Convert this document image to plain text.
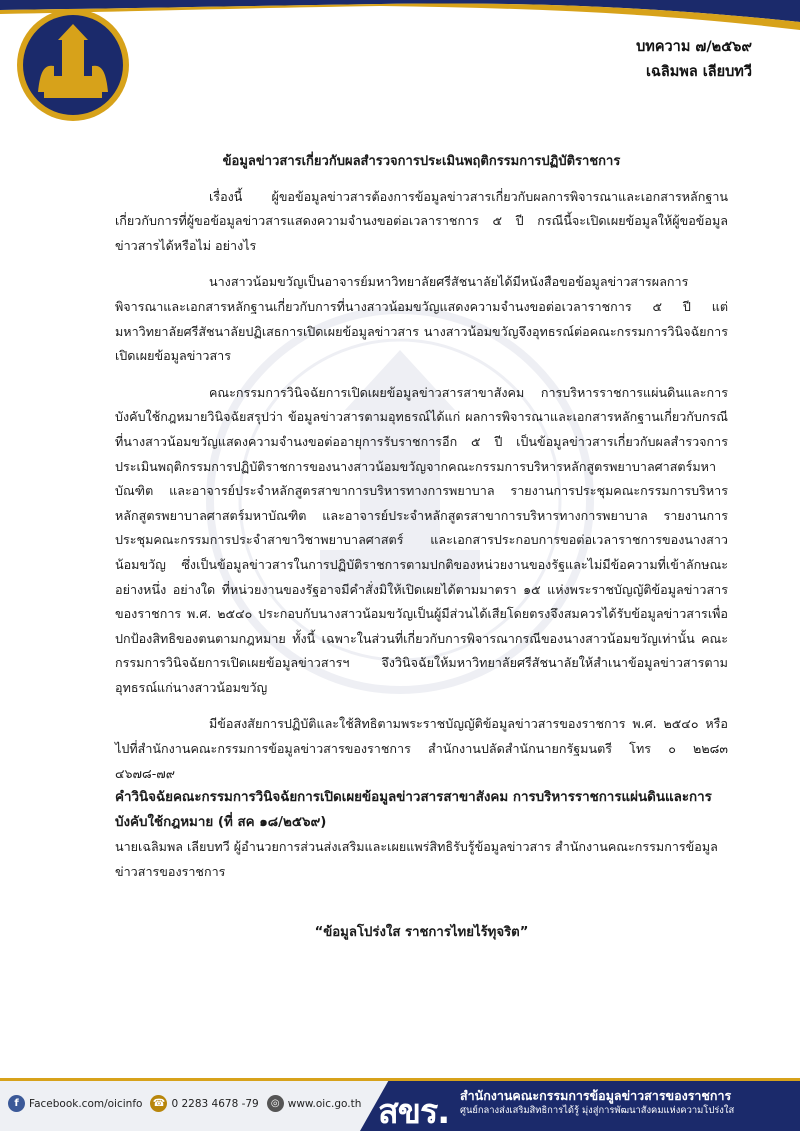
บทความ ๗/๒๕๖๙
เฉลิมพล เลียบทวี

ข้อมูลข่าวสารเกี่ยวกับผลสำรวจการประเมินพฤติกรรมการปฏิบัติราชการ

เรื่องนี้ ผู้ขอข้อมูลข่าวสารต้องการข้อมูลข่าวสารเกี่ยวกับผลการพิจารณาและเอกสารหลักฐานเกี่ยวกับการที่ผู้ขอข้อมูลข่าวสารแสดงความจำนงขอต่อเวลาราชการ ๕ ปี กรณีนี้จะเปิดเผยข้อมูลให้ผู้ขอข้อมูลข่าวสารได้หรือไม่ อย่างไร

นางสาวน้อมขวัญเป็นอาจารย์มหาวิทยาลัยศรีสัชนาลัยได้มีหนังสือขอข้อมูลข่าวสารผลการพิจารณาและเอกสารหลักฐานเกี่ยวกับการที่นางสาวน้อมขวัญแสดงความจำนงขอต่อเวลาราชการ ๕ ปี แต่มหาวิทยาลัยศรีสัชนาลัยปฏิเสธการเปิดเผยข้อมูลข่าวสาร นางสาวน้อมขวัญจึงอุทธรณ์ต่อคณะกรรมการวินิจฉัยการเปิดเผยข้อมูลข่าวสาร

คณะกรรมการวินิจฉัยการเปิดเผยข้อมูลข่าวสารสาขาสังคม การบริหารราชการแผ่นดินและการบังคับใช้กฎหมายวินิจฉัยสรุปว่า ข้อมูลข่าวสารตามอุทธรณ์ได้แก่ ผลการพิจารณาและเอกสารหลักฐานเกี่ยวกับกรณีที่นางสาวน้อมขวัญแสดงความจำนงขอต่ออายุการรับราชการอีก ๕ ปี เป็นข้อมูลข่าวสารเกี่ยวกับผลสำรวจการประเมินพฤติกรรมการปฏิบัติราชการของนางสาวน้อมขวัญจากคณะกรรมการบริหารหลักสูตรพยาบาลศาสตร์มหาบัณฑิต และอาจารย์ประจำหลักสูตรสาขาการบริหารทางการพยาบาล รายงานการประชุมคณะกรรมการบริหารหลักสูตรพยาบาลศาสตร์มหาบัณฑิต และอาจารย์ประจำหลักสูตรสาขาการบริหารทางการพยาบาล รายงานการประชุมคณะกรรมการประจำสาขาวิชาพยาบาลศาสตร์ และเอกสารประกอบการขอต่อเวลาราชการของนางสาวน้อมขวัญ ซึ่งเป็นข้อมูลข่าวสารในการปฏิบัติราชการตามปกติของหน่วยงานของรัฐและไม่มีข้อความที่เข้าลักษณะอย่างหนึ่ง อย่างใด ที่หน่วยงานของรัฐอาจมีคำสั่งมิให้เปิดเผยได้ตามมาตรา ๑๕ แห่งพระราชบัญญัติข้อมูลข่าวสารของราชการ พ.ศ. ๒๕๔๐ ประกอบกับนางสาวน้อมขวัญเป็นผู้มีส่วนได้เสียโดยตรงจึงสมควรได้รับข้อมูลข่าวสารเพื่อปกป้องสิทธิของตนตามกฎหมาย ทั้งนี้ เฉพาะในส่วนที่เกี่ยวกับการพิจารณากรณีของนางสาวน้อมขวัญเท่านั้น คณะกรรมการวินิจฉัยการเปิดเผยข้อมูลข่าวสารฯ จึงวินิจฉัยให้มหาวิทยาลัยศรีสัชนาลัยให้สำเนาข้อมูลข่าวสารตามอุทธรณ์แก่นางสาวน้อมขวัญ

มีข้อสงสัยการปฏิบัติและใช้สิทธิตามพระราชบัญญัติข้อมูลข่าวสารของราชการ พ.ศ. ๒๕๔๐ หรือไปที่สำนักงานคณะกรรมการข้อมูลข่าวสารของราชการ สำนักงานปลัดสำนักนายกรัฐมนตรี โทร ๐ ๒๒๘๓ ๔๖๗๘-๗๙

คำวินิจฉัยคณะกรรมการวินิจฉัยการเปิดเผยข้อมูลข่าวสารสาขาสังคม การบริหารราชการแผ่นดินและการบังคับใช้กฎหมาย (ที่ สค ๑๘/๒๕๖๙)

นายเฉลิมพล เลียบทวี ผู้อำนวยการส่วนส่งเสริมและเผยแพร่สิทธิรับรู้ข้อมูลข่าวสาร สำนักงานคณะกรรมการข้อมูลข่าวสารของราชการ

“ข้อมูลโปร่งใส ราชการไทยไร้ทุจริต”

f Facebook.com/oicinfo ☎ 0 2283 4678 -79	◎ www.oic.go.th สขร. สำนักงานคณะกรรมการข้อมูลข่าวสารของราชการ
ศูนย์กลางส่งเสริมสิทธิการได้รู้ มุ่งสู่การพัฒนาสังคมแห่งความโปร่งใส
